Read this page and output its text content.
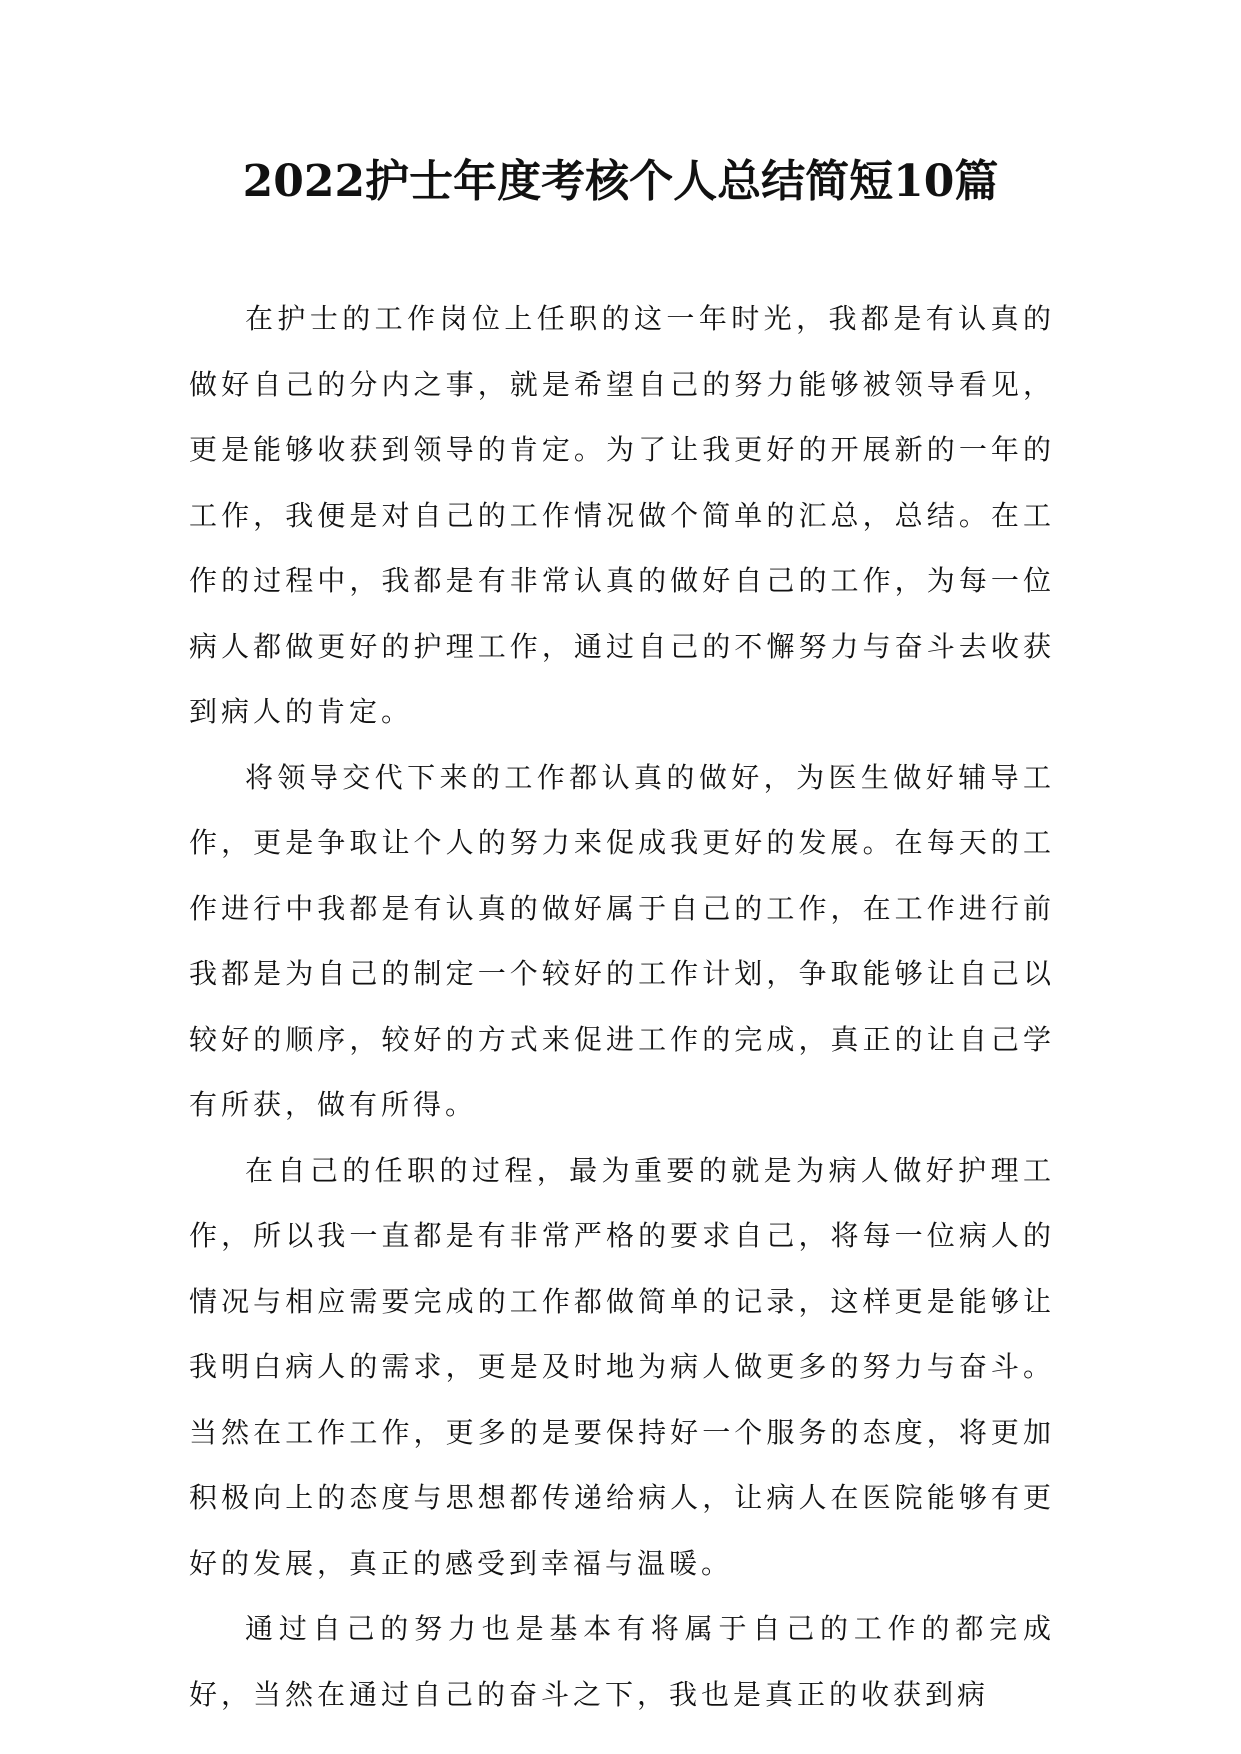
2022护士年度考核个人总结简短10篇

在护士的工作岗位上任职的这一年时光，我都是有认真的做好自己的分内之事，就是希望自己的努力能够被领导看见，更是能够收获到领导的肯定。为了让我更好的开展新的一年的工作，我便是对自己的工作情况做个简单的汇总，总结。在工作的过程中，我都是有非常认真的做好自己的工作，为每一位病人都做更好的护理工作，通过自己的不懈努力与奋斗去收获到病人的肯定。

将领导交代下来的工作都认真的做好，为医生做好辅导工作，更是争取让个人的努力来促成我更好的发展。在每天的工作进行中我都是有认真的做好属于自己的工作，在工作进行前我都是为自己的制定一个较好的工作计划，争取能够让自己以较好的顺序，较好的方式来促进工作的完成，真正的让自己学有所获，做有所得。

在自己的任职的过程，最为重要的就是为病人做好护理工作，所以我一直都是有非常严格的要求自己，将每一位病人的情况与相应需要完成的工作都做简单的记录，这样更是能够让我明白病人的需求，更是及时地为病人做更多的努力与奋斗。当然在工作工作，更多的是要保持好一个服务的态度，将更加积极向上的态度与思想都传递给病人，让病人在医院能够有更好的发展，真正的感受到幸福与温暖。

通过自己的努力也是基本有将属于自己的工作的都完成好，当然在通过自己的奋斗之下，我也是真正的收获到病
